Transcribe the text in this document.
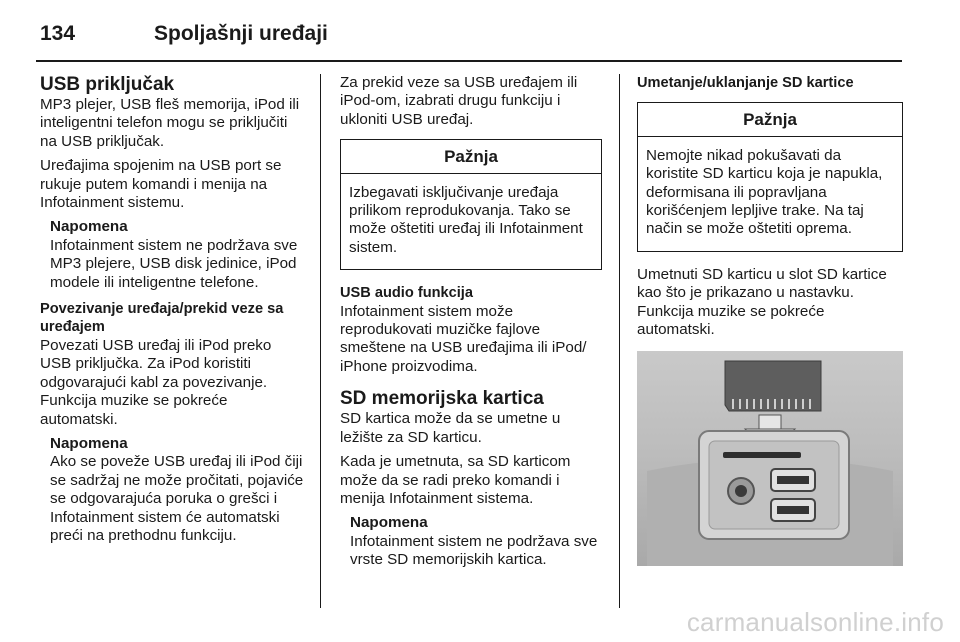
134	Spoljašnji uređaji
USB priključak

MP3 plejer, USB fleš memorija, iPod ili inteligentni telefon mogu se priključiti na USB priključak.

Uređajima spojenim na USB port se rukuje putem komandi i menija na Infotainment sistemu.

Napomena
Infotainment sistem ne podržava sve MP3 plejere, USB disk jedinice, iPod modele ili inteligentne telefone.
Povezivanje uređaja/prekid veze sa uređajem

Povezati USB uređaj ili iPod preko USB priključka. Za iPod koristiti odgovarajući kabl za povezivanje. Funkcija muzike se pokreće automatski.

Napomena
Ako se poveže USB uređaj ili iPod čiji se sadržaj ne može pročitati, pojaviće se odgovarajuća poruka o grešci i Infotainment sistem će automatski preći na prethodnu funkciju.

Za prekid veze sa USB uređajem ili iPod-om, izabrati drugu funkciju i ukloniti USB uređaj.

Pažnja
Izbegavati isključivanje uređaja prilikom reprodukovanja. Tako se može oštetiti uređaj ili Infotainment sistem.
USB audio funkcija

Infotainment sistem može reprodukovati muzičke fajlove smeštene na USB uređajima ili iPod/ iPhone proizvodima.

SD memorijska kartica

SD kartica može da se umetne u ležište za SD karticu.

Kada je umetnuta, sa SD karticom može da se radi preko komandi i menija Infotainment sistema.

Napomena
Infotainment sistem ne podržava sve vrste SD memorijskih kartica.
Umetanje/uklanjanje SD kartice
Pažnja
Nemojte nikad pokušavati da koristite SD karticu koja je napukla, deformisana ili popravljana korišćenjem lepljive trake. Na taj način se može oštetiti oprema.

Umetnuti SD karticu u slot SD kartice kao što je prikazano u nastavku. Funkcija muzike se pokreće automatski.

carmanualsonline.info
